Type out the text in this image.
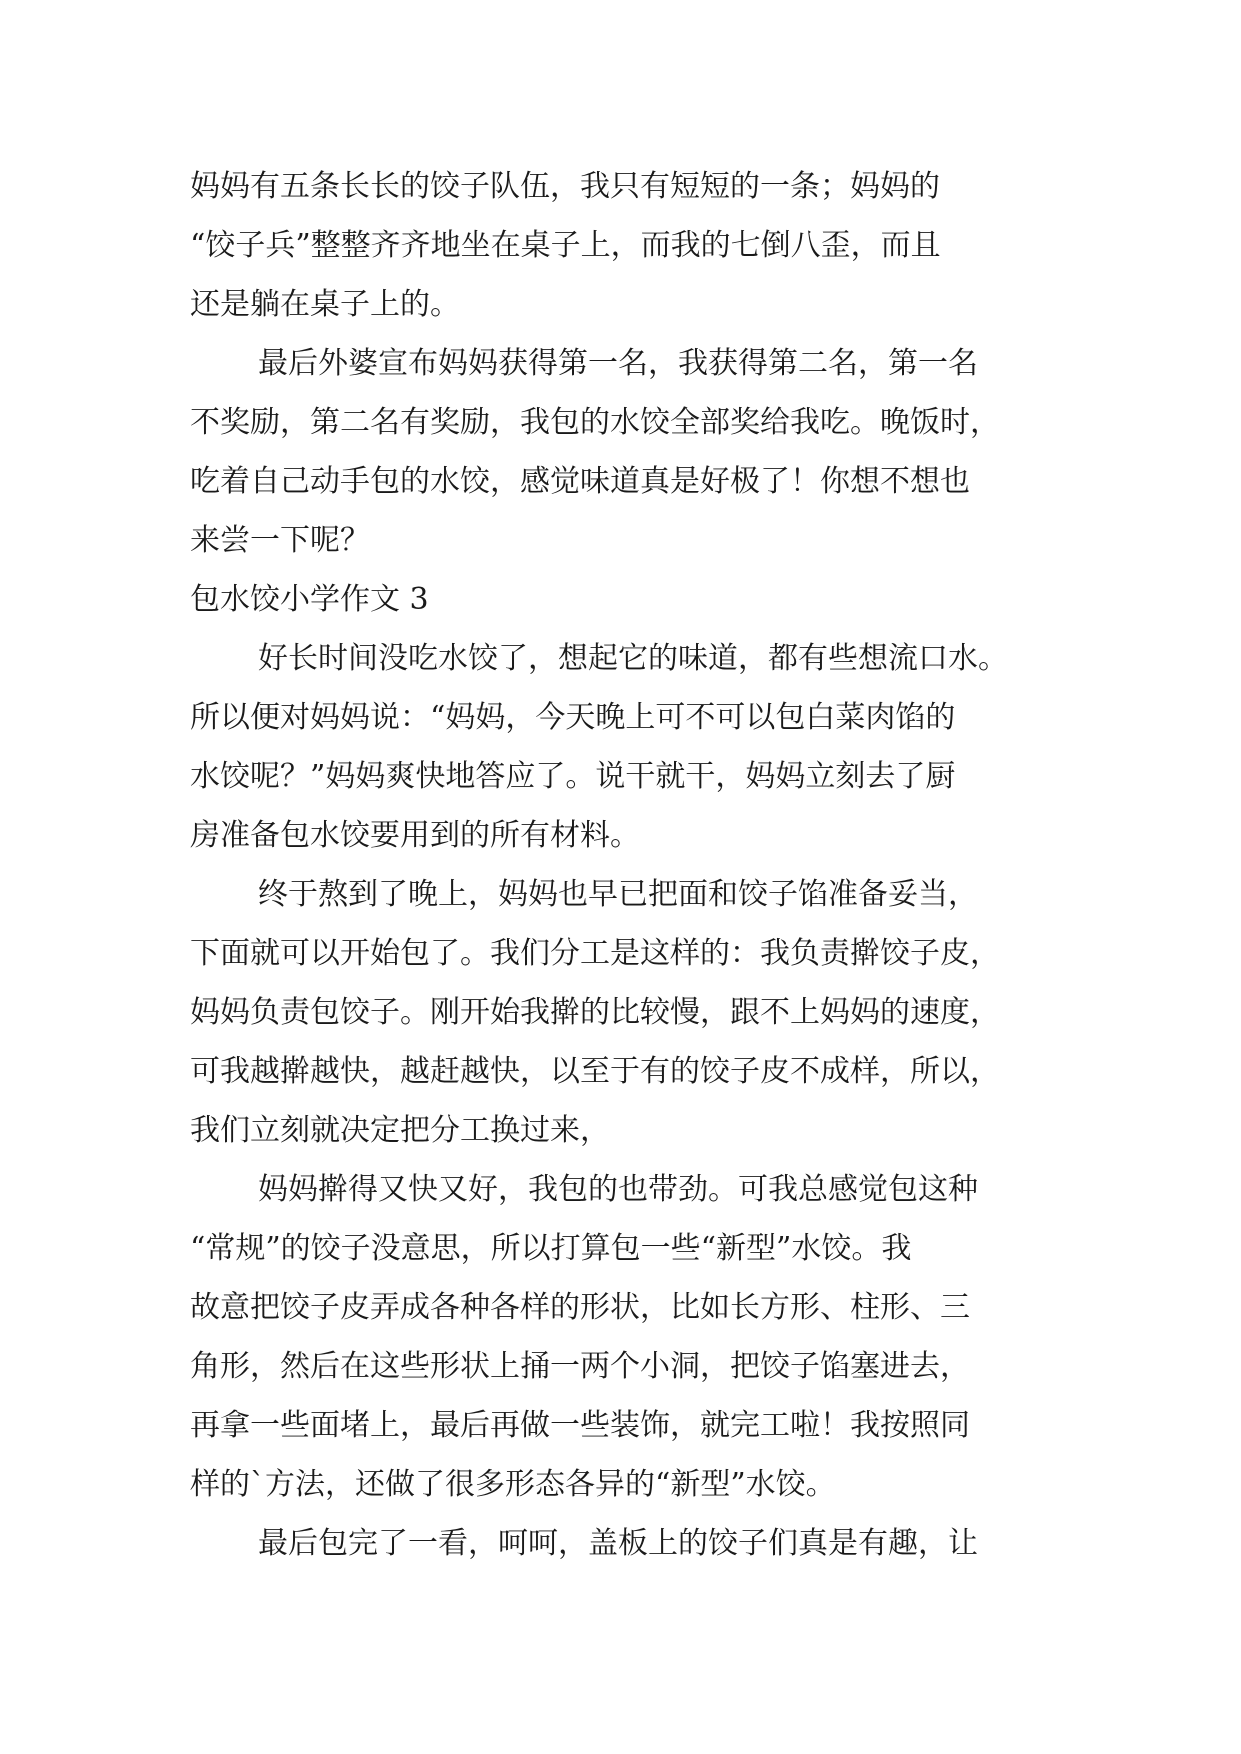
妈妈有五条长长的饺子队伍，我只有短短的一条；妈妈的
“饺子兵”整整齐齐地坐在桌子上，而我的七倒八歪，而且
还是躺在桌子上的。
最后外婆宣布妈妈获得第一名，我获得第二名，第一名
不奖励，第二名有奖励，我包的水饺全部奖给我吃。晚饭时，
吃着自己动手包的水饺，感觉味道真是好极了！你想不想也
来尝一下呢？
包水饺小学作文 3
好长时间没吃水饺了，想起它的味道，都有些想流口水。
所以便对妈妈说：“妈妈，今天晚上可不可以包白菜肉馅的
水饺呢？”妈妈爽快地答应了。说干就干，妈妈立刻去了厨
房准备包水饺要用到的所有材料。
终于熬到了晚上，妈妈也早已把面和饺子馅准备妥当，
下面就可以开始包了。我们分工是这样的：我负责擀饺子皮，
妈妈负责包饺子。刚开始我擀的比较慢，跟不上妈妈的速度，
可我越擀越快，越赶越快，以至于有的饺子皮不成样，所以，
我们立刻就决定把分工换过来，
妈妈擀得又快又好，我包的也带劲。可我总感觉包这种
“常规”的饺子没意思，所以打算包一些“新型”水饺。我
故意把饺子皮弄成各种各样的形状，比如长方形、柱形、三
角形，然后在这些形状上捅一两个小洞，把饺子馅塞进去，
再拿一些面堵上，最后再做一些装饰，就完工啦！我按照同
样的`方法，还做了很多形态各异的“新型”水饺。
最后包完了一看，呵呵，盖板上的饺子们真是有趣，让
